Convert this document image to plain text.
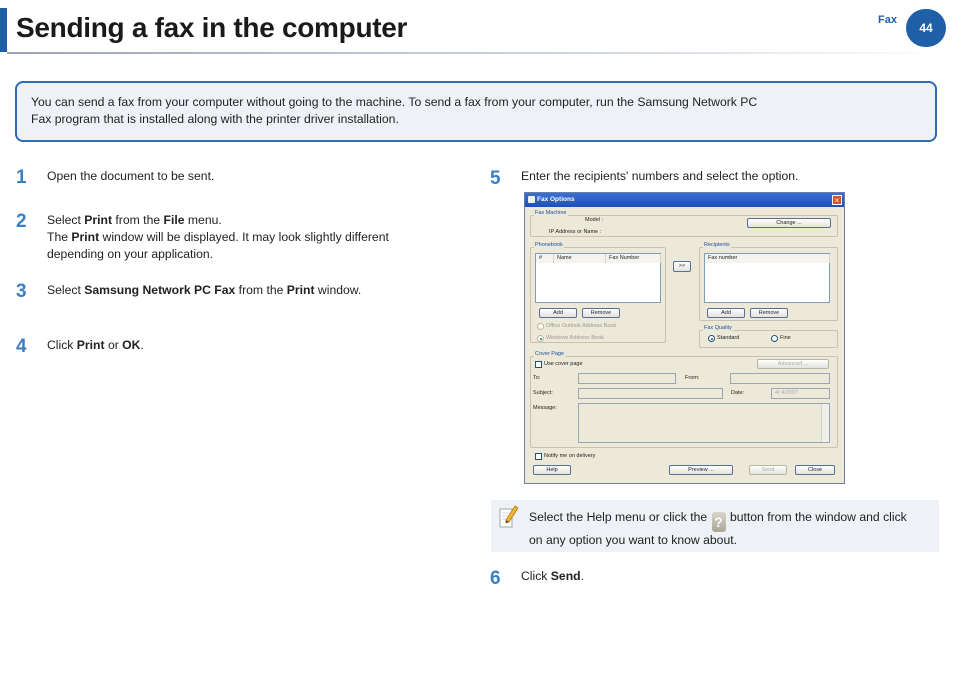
Sending a fax in the computer	Fax
44

You can send a fax from your computer without going to the machine. To send a fax from your computer, run the Samsung Network PC

Fax program that is installed along with the printer driver installation.

1 Open the document to be sent.
2 Select Print from the File menu.
The Print window will be displayed. It may look slightly different
depending on your application.
3 Select Samsung Network PC Fax from the Print window.
4 Click Print or OK.
5 Enter the recipients' numbers and select the option.
Fax Options	×
Fax Machine
Model :
IP Address or Name :
Change ...
Phonebook
#	Name	Fax Number
Add	Remove
Office Outlook Address Book
Windows Address Book
>>
Recipients
Fax number
Add	Remove
Fax Quality
Standard	Fine
Cover Page
Use cover page	Advanced ...
To:	From:
Subject:	Date:	4/ 4/2007
Message:
Notify me on delivery
Help	Preview ...	Send	Close
Select the Help menu or click the ? button from the window and click
on any option you want to know about.
6 Click Send.
